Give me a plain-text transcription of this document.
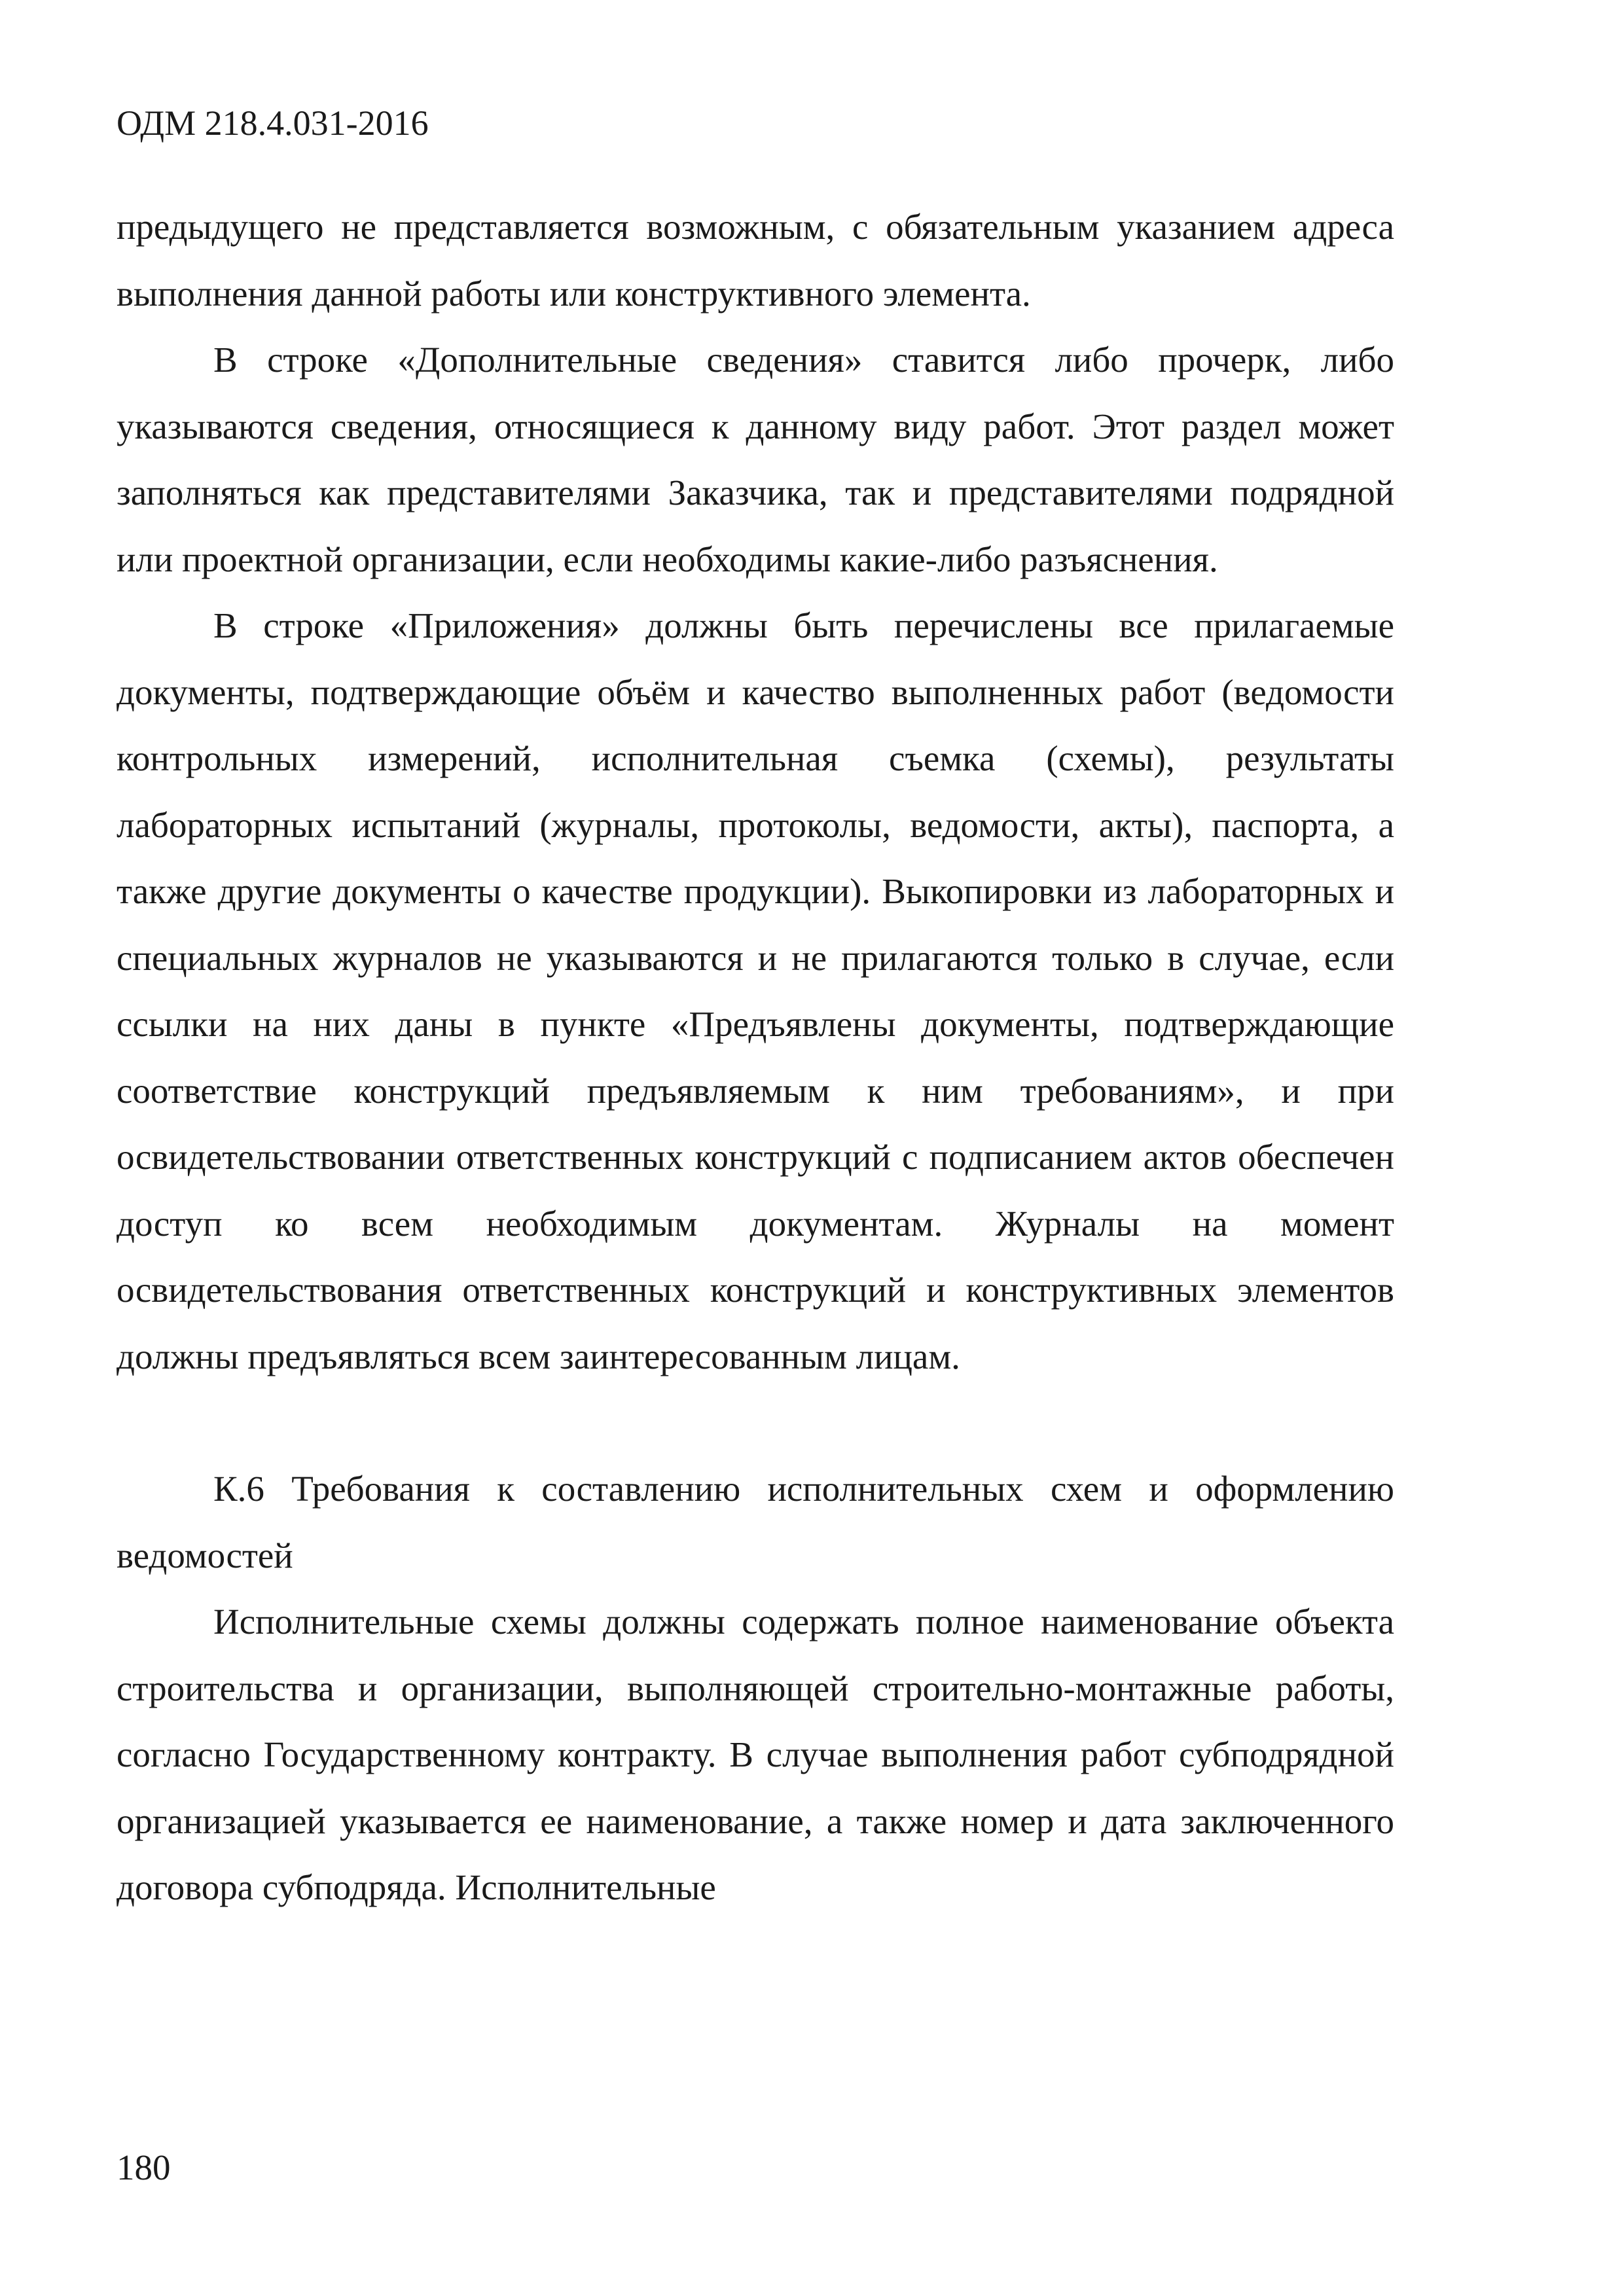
ОДМ 218.4.031-2016

предыдущего не представляется возможным, с обязательным указанием адреса выполнения данной работы или конструктивного элемента.

В строке «Дополнительные сведения» ставится либо прочерк, либо указываются сведения, относящиеся к данному виду работ. Этот раздел может заполняться как представителями Заказчика, так и представителями подрядной или проектной организации, если необходимы какие-либо разъяснения.

В строке «Приложения» должны быть перечислены все прилагаемые документы, подтверждающие объём и качество выполненных работ (ведомости контрольных измерений, исполнительная съемка (схемы), результаты лабораторных испытаний (журналы, протоколы, ведомости, акты), паспорта, а также другие документы о качестве продукции). Выкопировки из лабораторных и специальных журналов не указываются и не прилагаются только в случае, если ссылки на них даны в пункте «Предъявлены документы, подтверждающие соответствие конструкций предъявляемым к ним требованиям», и при освидетельствовании ответственных конструкций с подписанием актов обеспечен доступ ко всем необходимым документам. Журналы на момент освидетельствования ответственных конструкций и конструктивных элементов должны предъявляться всем заинтересованным лицам.

К.6 Требования к составлению исполнительных схем и оформлению ведомостей

Исполнительные схемы должны содержать полное наименование объекта строительства и организации, выполняющей строительно-монтажные работы, согласно Государственному контракту. В случае выполнения работ субподрядной организацией указывается ее наименование, а также номер и дата заключенного договора субподряда. Исполнительные

180
